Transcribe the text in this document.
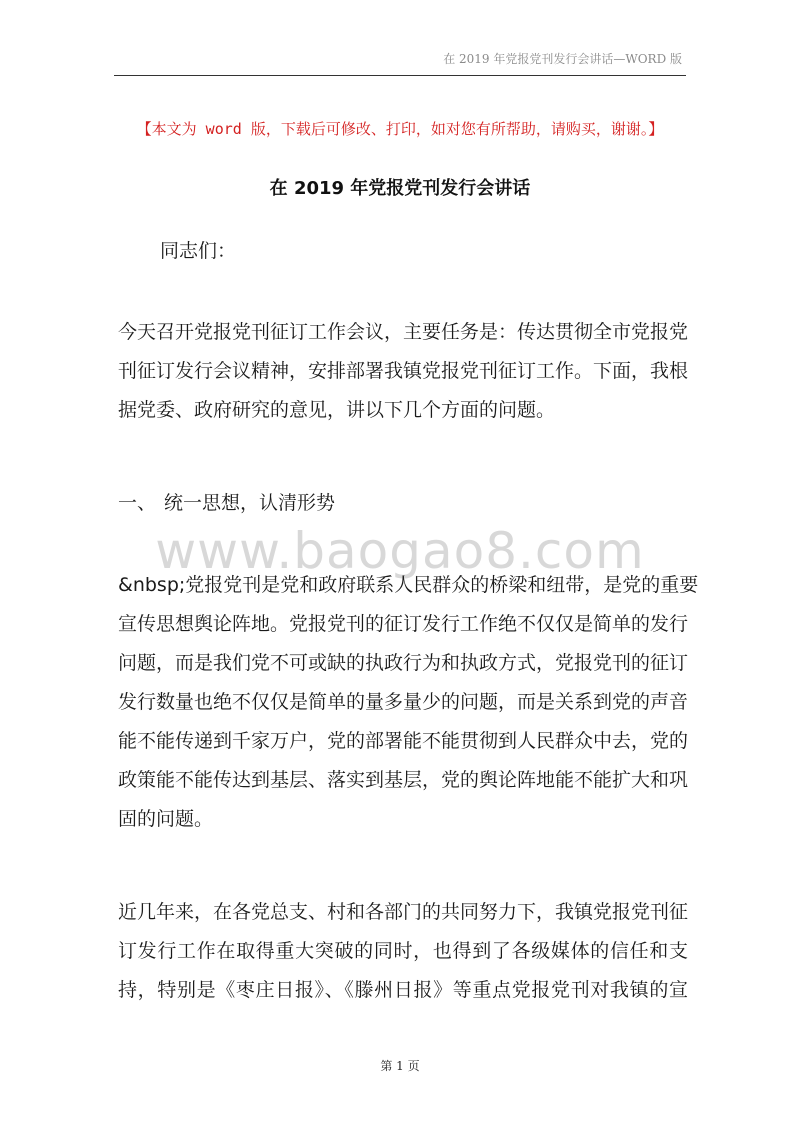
在 2019 年党报党刊发行会讲话—WORD 版
【本文为 word 版，下载后可修改、打印，如对您有所帮助，请购买，谢谢。】
在 2019 年党报党刊发行会讲话
同志们：
今天召开党报党刊征订工作会议，主要任务是：传达贯彻全市党报党
刊征订发行会议精神，安排部署我镇党报党刊征订工作。下面，我根
据党委、政府研究的意见，讲以下几个方面的问题。
一、 统一思想，认清形势
www.baogao8.com
&nbsp;党报党刊是党和政府联系人民群众的桥梁和纽带，是党的重要
宣传思想舆论阵地。党报党刊的征订发行工作绝不仅仅是简单的发行
问题，而是我们党不可或缺的执政行为和执政方式，党报党刊的征订
发行数量也绝不仅仅是简单的量多量少的问题，而是关系到党的声音
能不能传递到千家万户，党的部署能不能贯彻到人民群众中去，党的
政策能不能传达到基层、落实到基层，党的舆论阵地能不能扩大和巩
固的问题。
近几年来，在各党总支、村和各部门的共同努力下，我镇党报党刊征
订发行工作在取得重大突破的同时，也得到了各级媒体的信任和支
持，特别是《枣庄日报》、《滕州日报》等重点党报党刊对我镇的宣
第 1 页
